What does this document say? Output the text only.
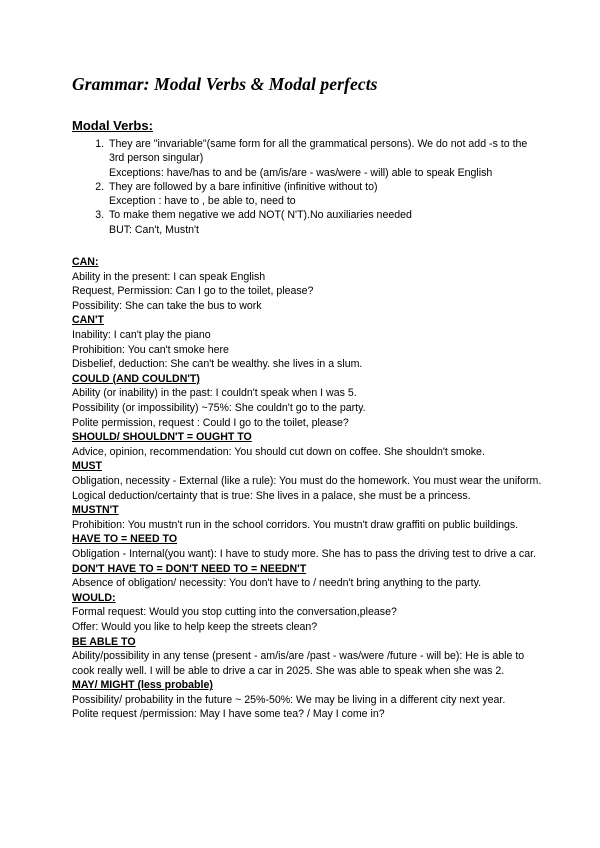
Grammar: Modal Verbs & Modal perfects
Modal Verbs:
1. They are "invariable"(same form for all the grammatical persons). We do not add -s to the 3rd person singular)
Exceptions: have/has to and be (am/is/are - was/were - will) able to speak English
2. They are followed by a bare infinitive (infinitive without to)
Exception : have to , be able to, need to
3. To make them negative we add NOT( N'T).No auxiliaries needed
BUT: Can't, Mustn't
CAN:
Ability in the present: I can speak English
Request, Permission: Can I go to the toilet, please?
Possibility: She can take the bus to work
CAN'T
Inability: I can't play the piano
Prohibition: You can't smoke here
Disbelief, deduction: She can't be wealthy. she lives in a slum.
COULD (AND COULDN'T)
Ability (or inability) in the past: I couldn't speak when I was 5.
Possibility (or impossibility) ~75%: She couldn't go to the party.
Polite permission, request : Could I go to the toilet, please?
SHOULD/ SHOULDN'T = OUGHT TO
Advice, opinion, recommendation: You should cut down on coffee. She shouldn't smoke.
MUST
Obligation, necessity - External (like a rule): You must do the homework. You must wear the uniform.
Logical deduction/certainty that is true: She lives in a palace, she must be a princess.
MUSTN'T
Prohibition: You mustn't run in the school corridors. You mustn't draw graffiti on public buildings.
HAVE TO = NEED TO
Obligation - Internal(you want): I have to study more. She has to pass the driving test to drive a car.
DON'T HAVE TO = DON'T NEED TO = NEEDN'T
Absence of obligation/ necessity: You don't have to / needn't bring anything to the party.
WOULD:
Formal request: Would you stop cutting into the conversation,please?
Offer: Would you like to help keep the streets clean?
BE ABLE TO
Ability/possibility in any tense (present - am/is/are /past - was/were /future - will be): He is able to cook really well. I will be able to drive a car in 2025. She was able to speak when she was 2.
MAY/ MIGHT (less probable)
Possibility/ probability in the future ~ 25%-50%: We may be living in a different city next year.
Polite request /permission: May I have some tea? / May I come in?
